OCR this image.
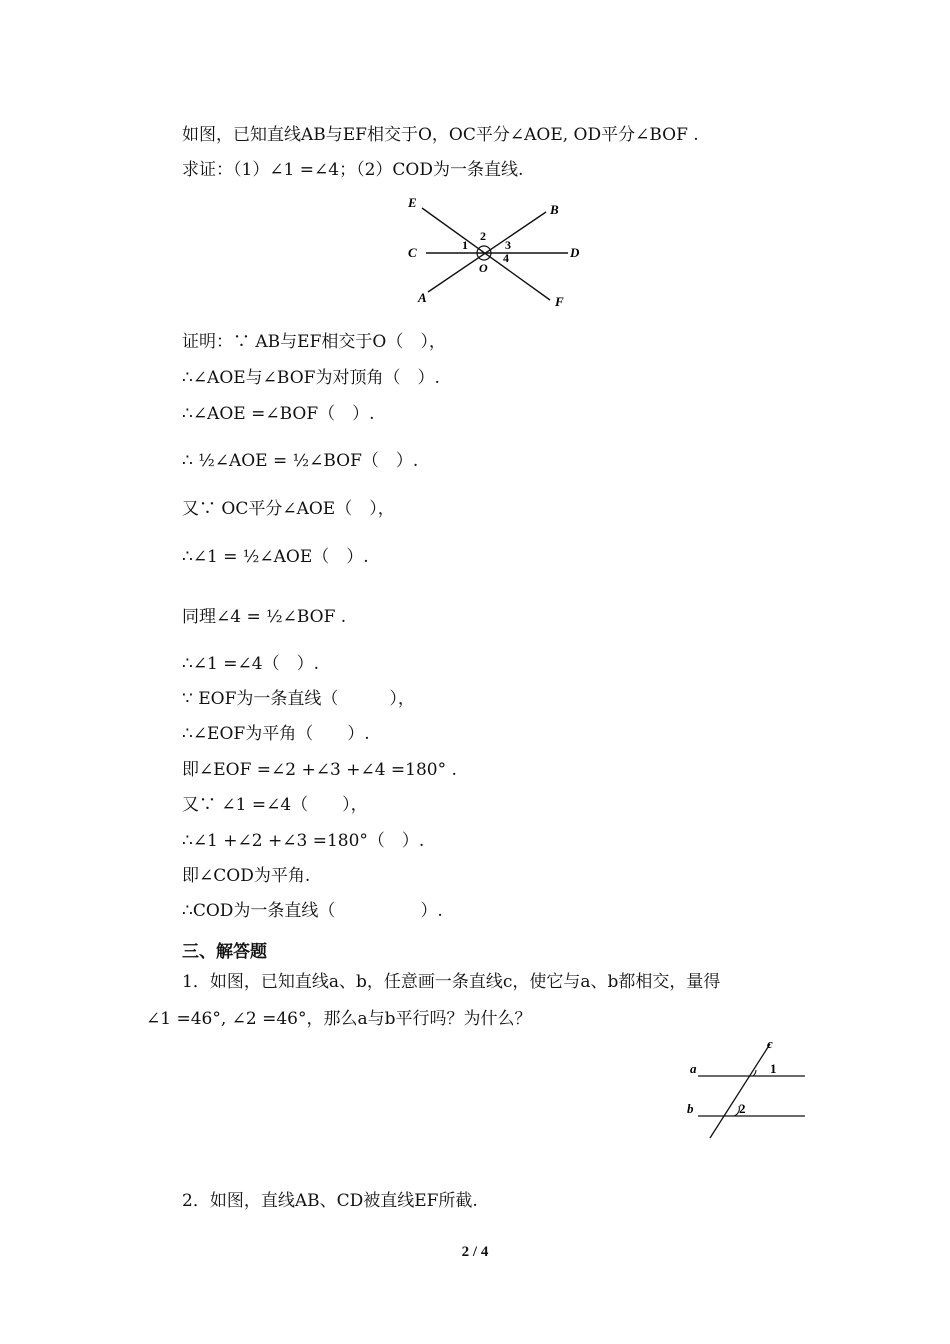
如图，已知直线AB与EF相交于O，OC平分∠AOE, OD平分∠BOF .
求证：（1）∠1 =∠4；（2）COD为一条直线.
E	B
C	D
A	F
O
1
2
3
4
证明：∵ AB与EF相交于O（　），
∴∠AOE与∠BOF为对顶角（　）.
∴∠AOE =∠BOF（　）.
∴ ½∠AOE = ½∠BOF（　）.
又∵ OC平分∠AOE（　），
∴∠1 = ½∠AOE（　）.
同理∠4 = ½∠BOF .
∴∠1 =∠4（　）.
∵ EOF为一条直线（　　　），
∴∠EOF为平角（　　）.
即∠EOF =∠2 +∠3 +∠4 =180° .
又∵ ∠1 =∠4（　　），
∴∠1 +∠2 +∠3 =180°（　）.
即∠COD为平角.
∴COD为一条直线（　　　　　）.
三、解答题
1．如图，已知直线a、b，任意画一条直线c，使它与a、b都相交，量得
∠1 =46°, ∠2 =46°，那么a与b平行吗？为什么？
c
a
b
1
2
2．如图，直线AB、CD被直线EF所截.
2 / 4
